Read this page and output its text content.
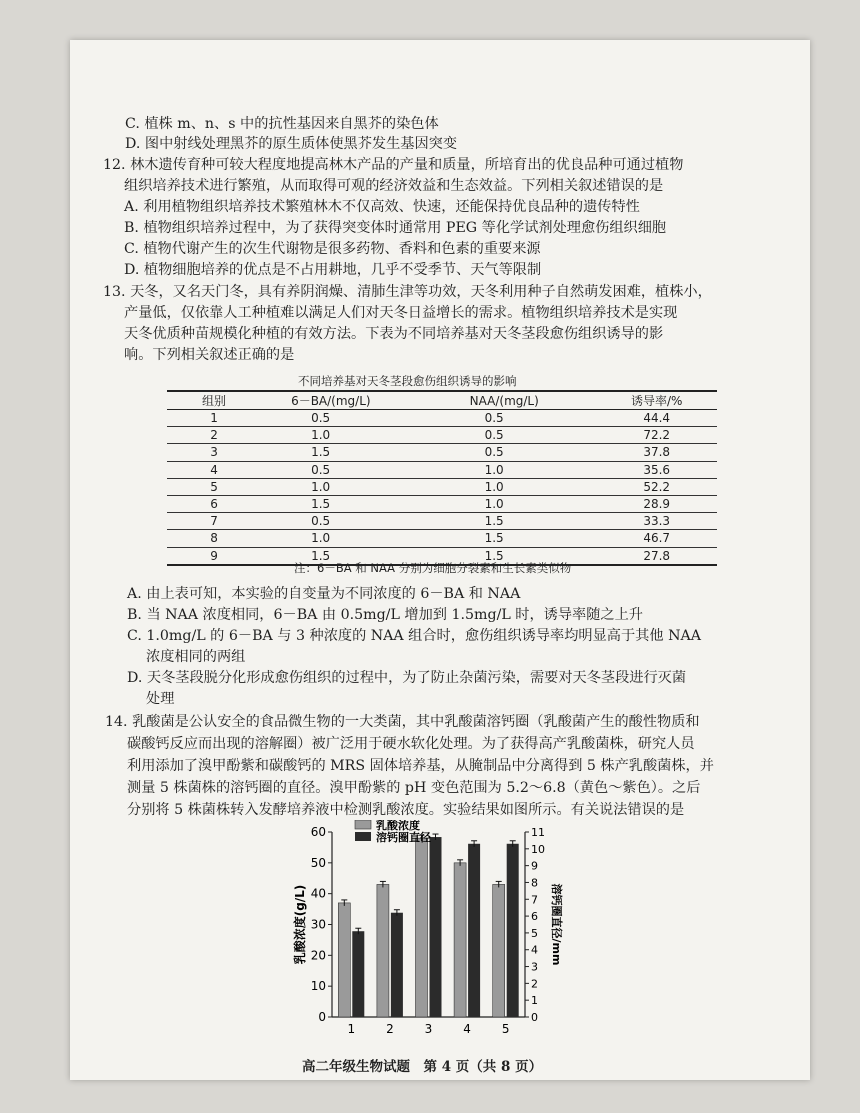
C. 植株 m、n、s 中的抗性基因来自黑芥的染色体
D. 图中射线处理黑芥的原生质体使黑芥发生基因突变
12. 林木遗传育种可较大程度地提高林木产品的产量和质量，所培育出的优良品种可通过植物
组织培养技术进行繁殖，从而取得可观的经济效益和生态效益。下列相关叙述错误的是
A. 利用植物组织培养技术繁殖林木不仅高效、快速，还能保持优良品种的遗传特性
B. 植物组织培养过程中，为了获得突变体时通常用 PEG 等化学试剂处理愈伤组织细胞
C. 植物代谢产生的次生代谢物是很多药物、香料和色素的重要来源
D. 植物细胞培养的优点是不占用耕地，几乎不受季节、天气等限制
13. 天冬，又名天门冬，具有养阴润燥、清肺生津等功效，天冬利用种子自然萌发困难，植株小，
产量低，仅依靠人工种植难以满足人们对天冬日益增长的需求。植物组织培养技术是实现
天冬优质种苗规模化种植的有效方法。下表为不同培养基对天冬茎段愈伤组织诱导的影
响。下列相关叙述正确的是
不同培养基对天冬茎段愈伤组织诱导的影响
组别	6－BA/(mg/L)	NAA/(mg/L)	诱导率/%
1	0.5	0.5	44.4
2	1.0	0.5	72.2
3	1.5	0.5	37.8
4	0.5	1.0	35.6
5	1.0	1.0	52.2
6	1.5	1.0	28.9
7	0.5	1.5	33.3
8	1.0	1.5	46.7
9	1.5	1.5	27.8
注：6－BA 和 NAA 分别为细胞分裂素和生长素类似物
A. 由上表可知，本实验的自变量为不同浓度的 6－BA 和 NAA
B. 当 NAA 浓度相同，6－BA 由 0.5mg/L 增加到 1.5mg/L 时，诱导率随之上升
C. 1.0mg/L 的 6－BA 与 3 种浓度的 NAA 组合时，愈伤组织诱导率均明显高于其他 NAA
浓度相同的两组
D. 天冬茎段脱分化形成愈伤组织的过程中，为了防止杂菌污染，需要对天冬茎段进行灭菌
处理
14. 乳酸菌是公认安全的食品微生物的一大类菌，其中乳酸菌溶钙圈（乳酸菌产生的酸性物质和
碳酸钙反应而出现的溶解圈）被广泛用于硬水软化处理。为了获得高产乳酸菌株，研究人员
利用添加了溴甲酚紫和碳酸钙的 MRS 固体培养基，从腌制品中分离得到 5 株产乳酸菌株，并
测量 5 株菌株的溶钙圈的直径。溴甲酚紫的 pH 变色范围为 5.2～6.8（黄色～紫色）。之后
分别将 5 株菌株转入发酵培养液中检测乳酸浓度。实验结果如图所示。有关说法错误的是
0
10
20
30
40
50
60
0
1
2
3
4
5
6
7
8
9
10
11
乳酸浓度(g/L)	溶钙圈直径/mm
1	2	3	4	5
乳酸浓度
溶钙圈直径
高二年级生物试题　第 4 页（共 8 页）
